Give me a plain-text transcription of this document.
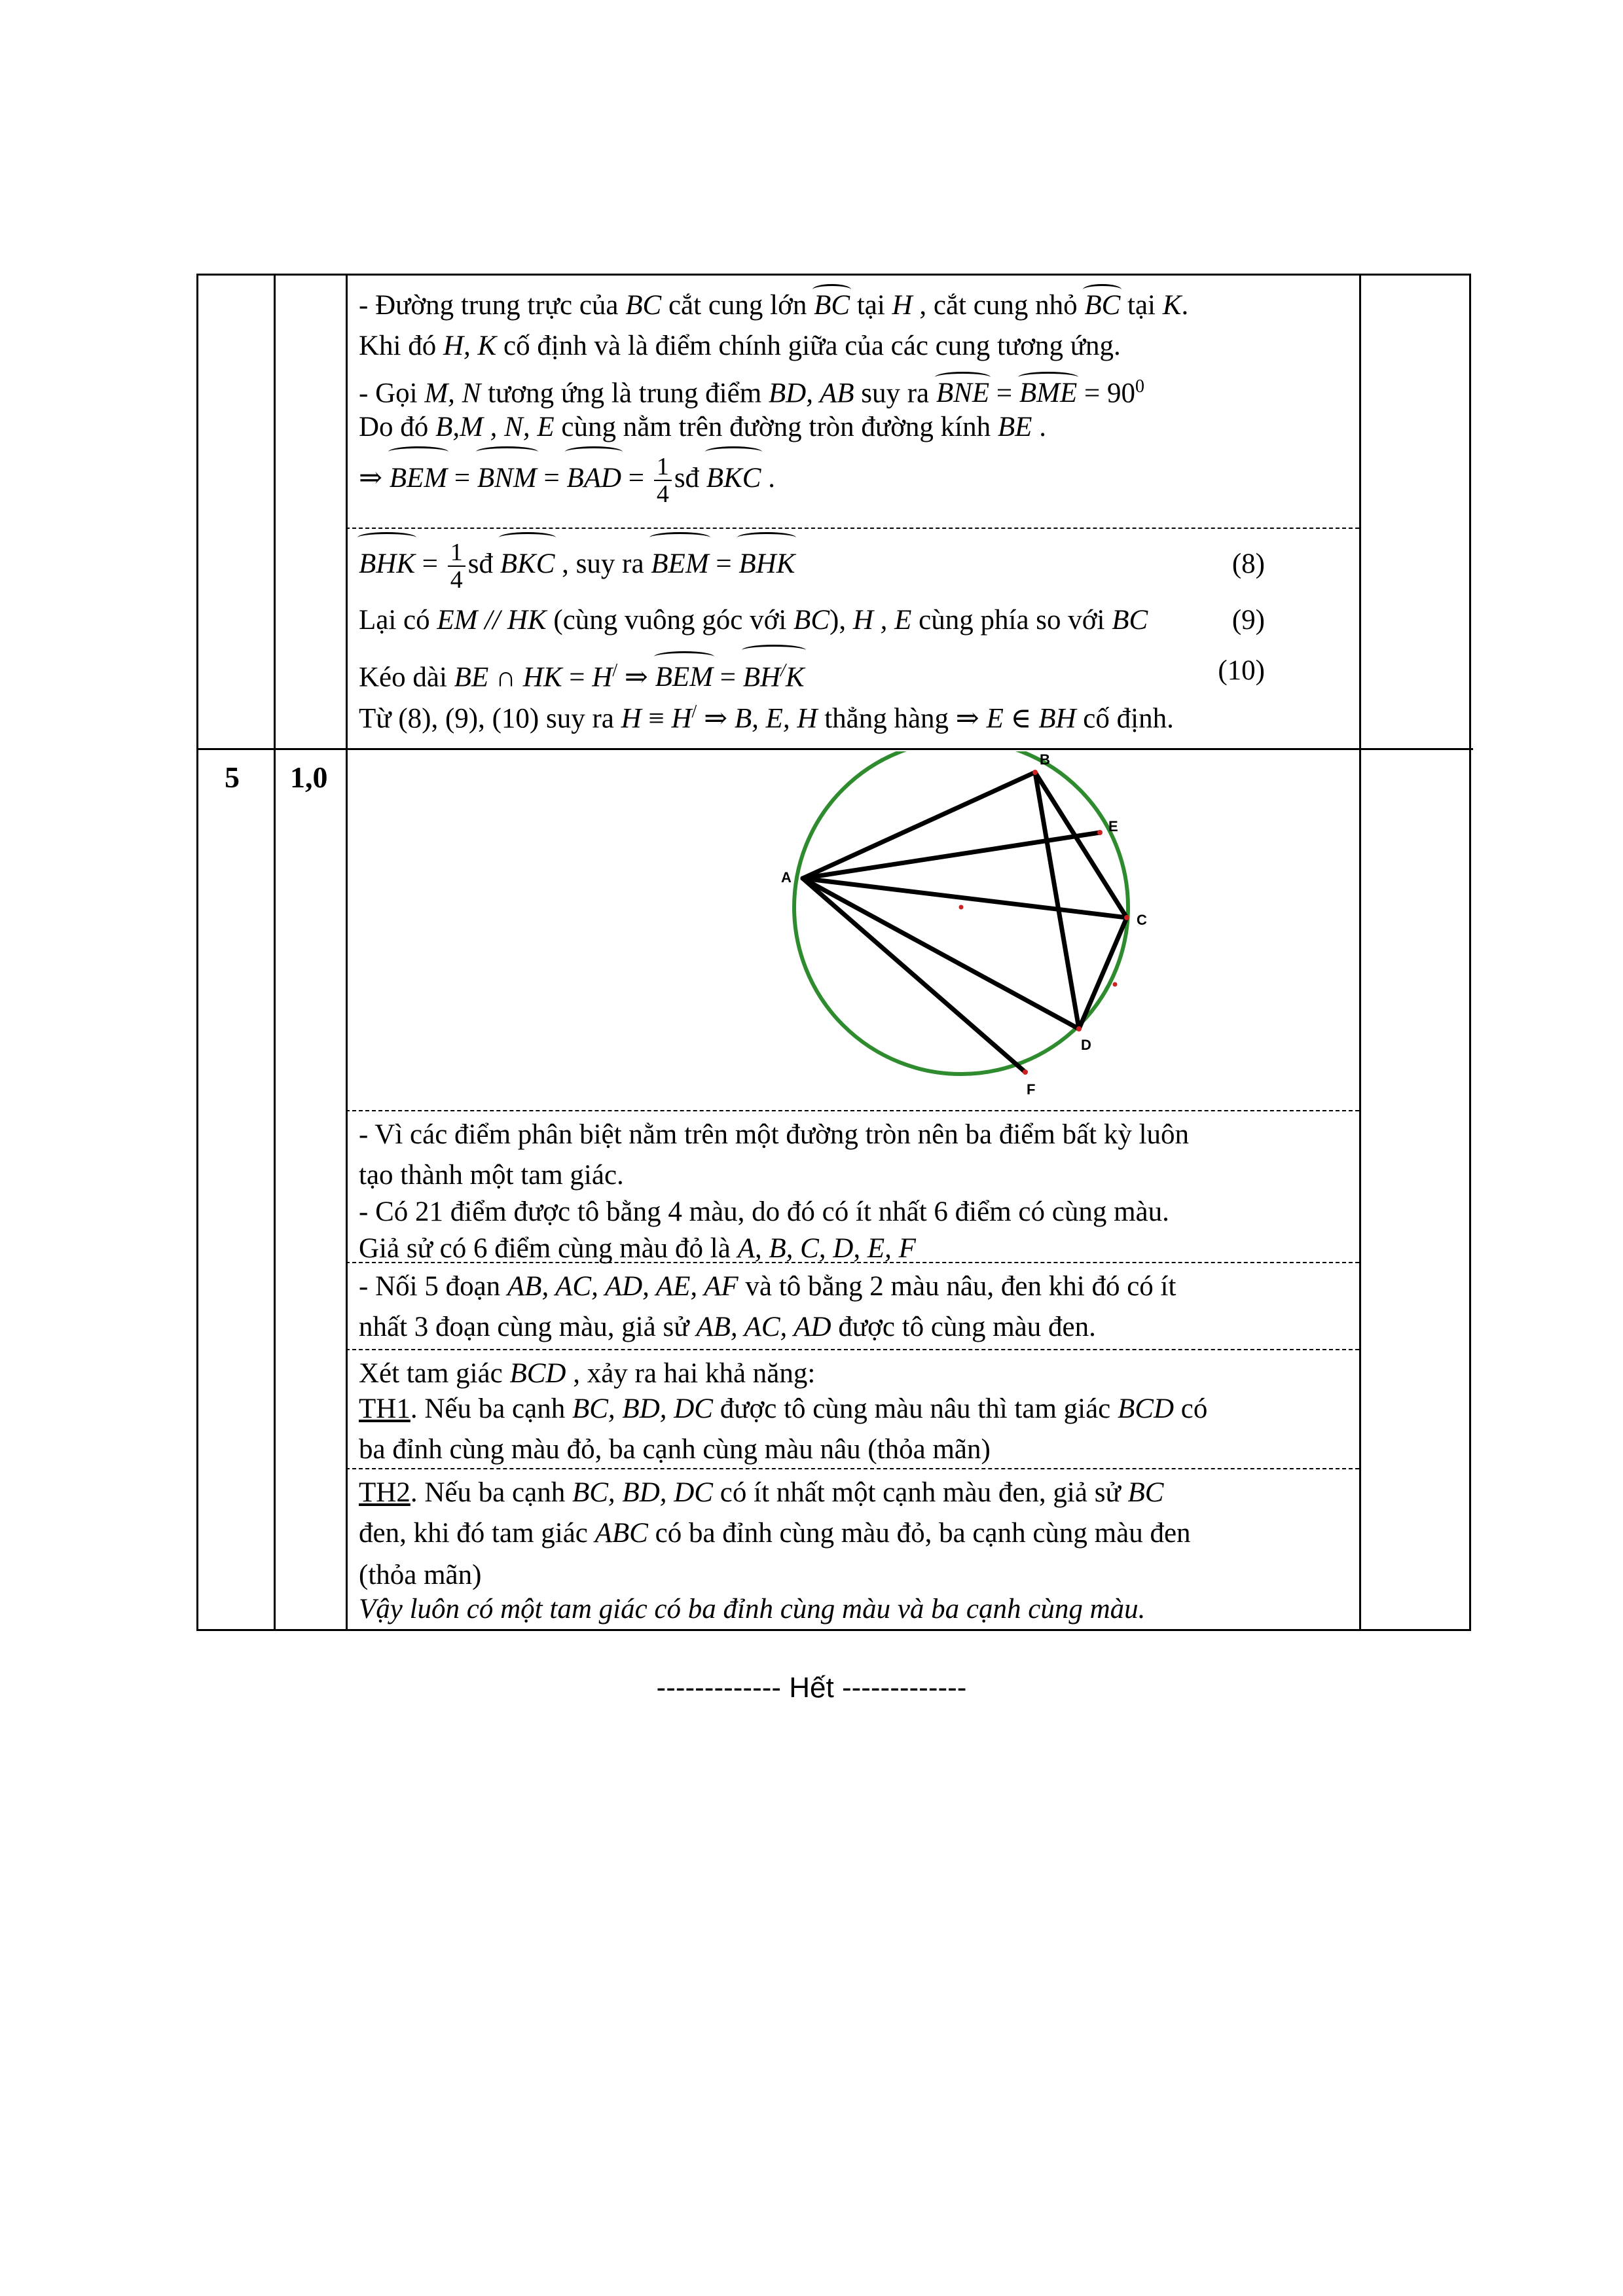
- Đường trung trực của BC cắt cung lớn BC tại H , cắt cung nhỏ BC tại K.
Khi đó H, K cố định và là điểm chính giữa của các cung tương ứng.
- Gọi M, N tương ứng là trung điểm BD, AB suy ra BNE = BME = $90^0$
Do đó B,M , N, E cùng nằm trên đường tròn đường kính BE .
⇒ BEM = BNM = BAD = $\frac{1}{4}$ sđ BKC .
BHK = $\frac{1}{4}$ sđ BKC , suy ra BEM = BHK	(8)
Lại có EM // HK (cùng vuông góc với BC), H , E cùng phía so với BC	(9)
Kéo dài BE ∩ HK = H/ ⇒ BEM = BH/K	(10)
Từ (8), (9), (10) suy ra H ≡ H/ ⇒ B, E, H thẳng hàng ⇒ E ∈ BH cố định.
5 1,0
- Vì các điểm phân biệt nằm trên một đường tròn nên ba điểm bất kỳ luôn
tạo thành một tam giác.
- Có 21 điểm được tô bằng 4 màu, do đó có ít nhất 6 điểm có cùng màu.
Giả sử có 6 điểm cùng màu đỏ là A, B, C, D, E, F
- Nối 5 đoạn AB, AC, AD, AE, AF và tô bằng 2 màu nâu, đen khi đó có ít
nhất 3 đoạn cùng màu, giả sử AB, AC, AD được tô cùng màu đen.
Xét tam giác BCD , xảy ra hai khả năng:
TH1. Nếu ba cạnh BC, BD, DC được tô cùng màu nâu thì tam giác BCD có
ba đỉnh cùng màu đỏ, ba cạnh cùng màu nâu (thỏa mãn)
TH2. Nếu ba cạnh BC, BD, DC có ít nhất một cạnh màu đen, giả sử BC
đen, khi đó tam giác ABC có ba đỉnh cùng màu đỏ, ba cạnh cùng màu đen
(thỏa mãn)
Vậy luôn có một tam giác có ba đỉnh cùng màu và ba cạnh cùng màu.
A
B
C
D
E
F
------------- Hết -------------
